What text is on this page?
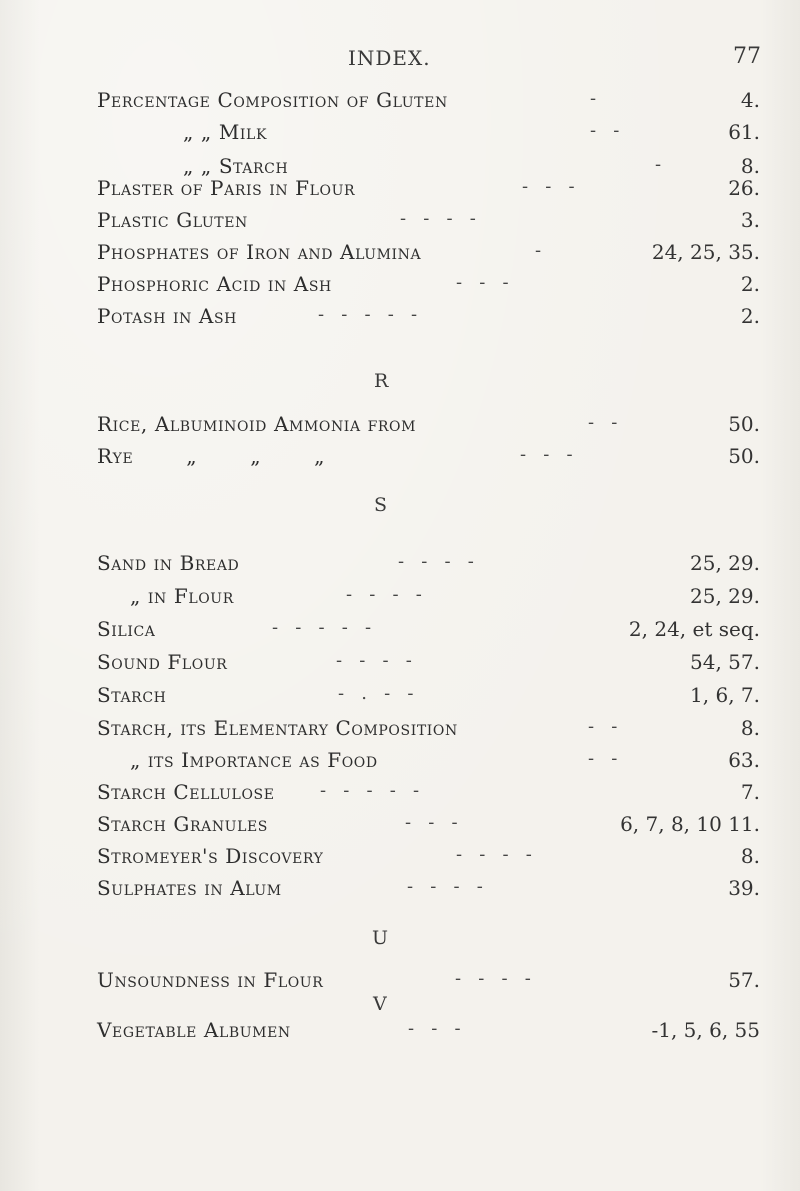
INDEX.	77
Percentage Composition of Gluten	-	4.
„ „ Milk	-   -	61.
„ „ Starch	-	8.
Plaster of Paris in Flour	-   -   -	26.
Plastic Gluten	-   -   -   -	3.
Phosphates of Iron and Alumina	-	24, 25, 35.
Phosphoric Acid in Ash	-   -   -	2.
Potash in Ash	-   -   -   -   -	2.
R
Rice, Albuminoid Ammonia from	-   -	50.
Rye „ „ „	-   -   -	50.
S
Sand in Bread	-   -   -   -	25, 29.
„ in Flour	-   -   -   -	25, 29.
Silica	-   -   -   -   -	2, 24, et seq.
Sound Flour	-   -   -   -	54, 57.
Starch	-   .   -   -	1, 6, 7.
Starch, its Elementary Composition	-   -	8.
„ its Importance as Food	-   -	63.
Starch Cellulose	-   -   -   -   -	7.
Starch Granules	-   -   -	6, 7, 8, 10 11.
Stromeyer's Discovery	-   -   -   -	8.
Sulphates in Alum	-   -   -   -	39.
U
Unsoundness in Flour	-   -   -   -	57.
V
Vegetable Albumen	-   -   -	-1, 5, 6, 55
